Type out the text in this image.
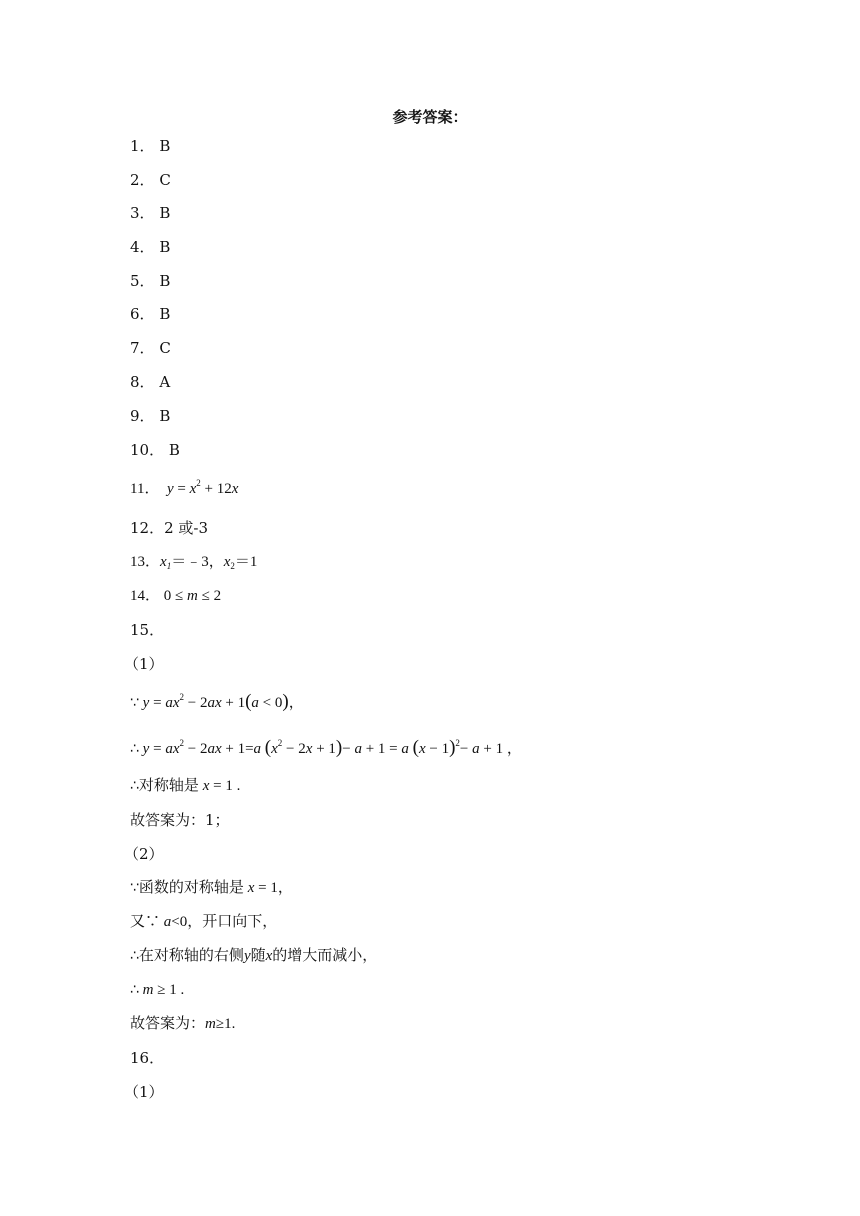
参考答案：
1． B
2． C
3． B
4． B
5． B
6． B
7． C
8． A
9． B
10． B
11． $y = x^2 + 12x$
12．2 或-3
13．$x_1=﹣3$，$x_2=1$
14． 0 ≤ m ≤ 2
15．
（1）
∵ $y = ax^2 - 2ax + 1(a < 0)$，
∴ $y = ax^2 - 2ax + 1=a$ $(x^2 - 2x + 1)- a + 1 = a$ $(x - 1)^2- a + 1$ ，
∴对称轴是 x = 1 .
故答案为：1；
（2）
∵函数的对称轴是 x = 1，
又∵ a<0，开口向下，
∴在对称轴的右侧y随x的增大而减小，
∴ m ≥ 1 .
故答案为：m≥1.
16．
（1）
